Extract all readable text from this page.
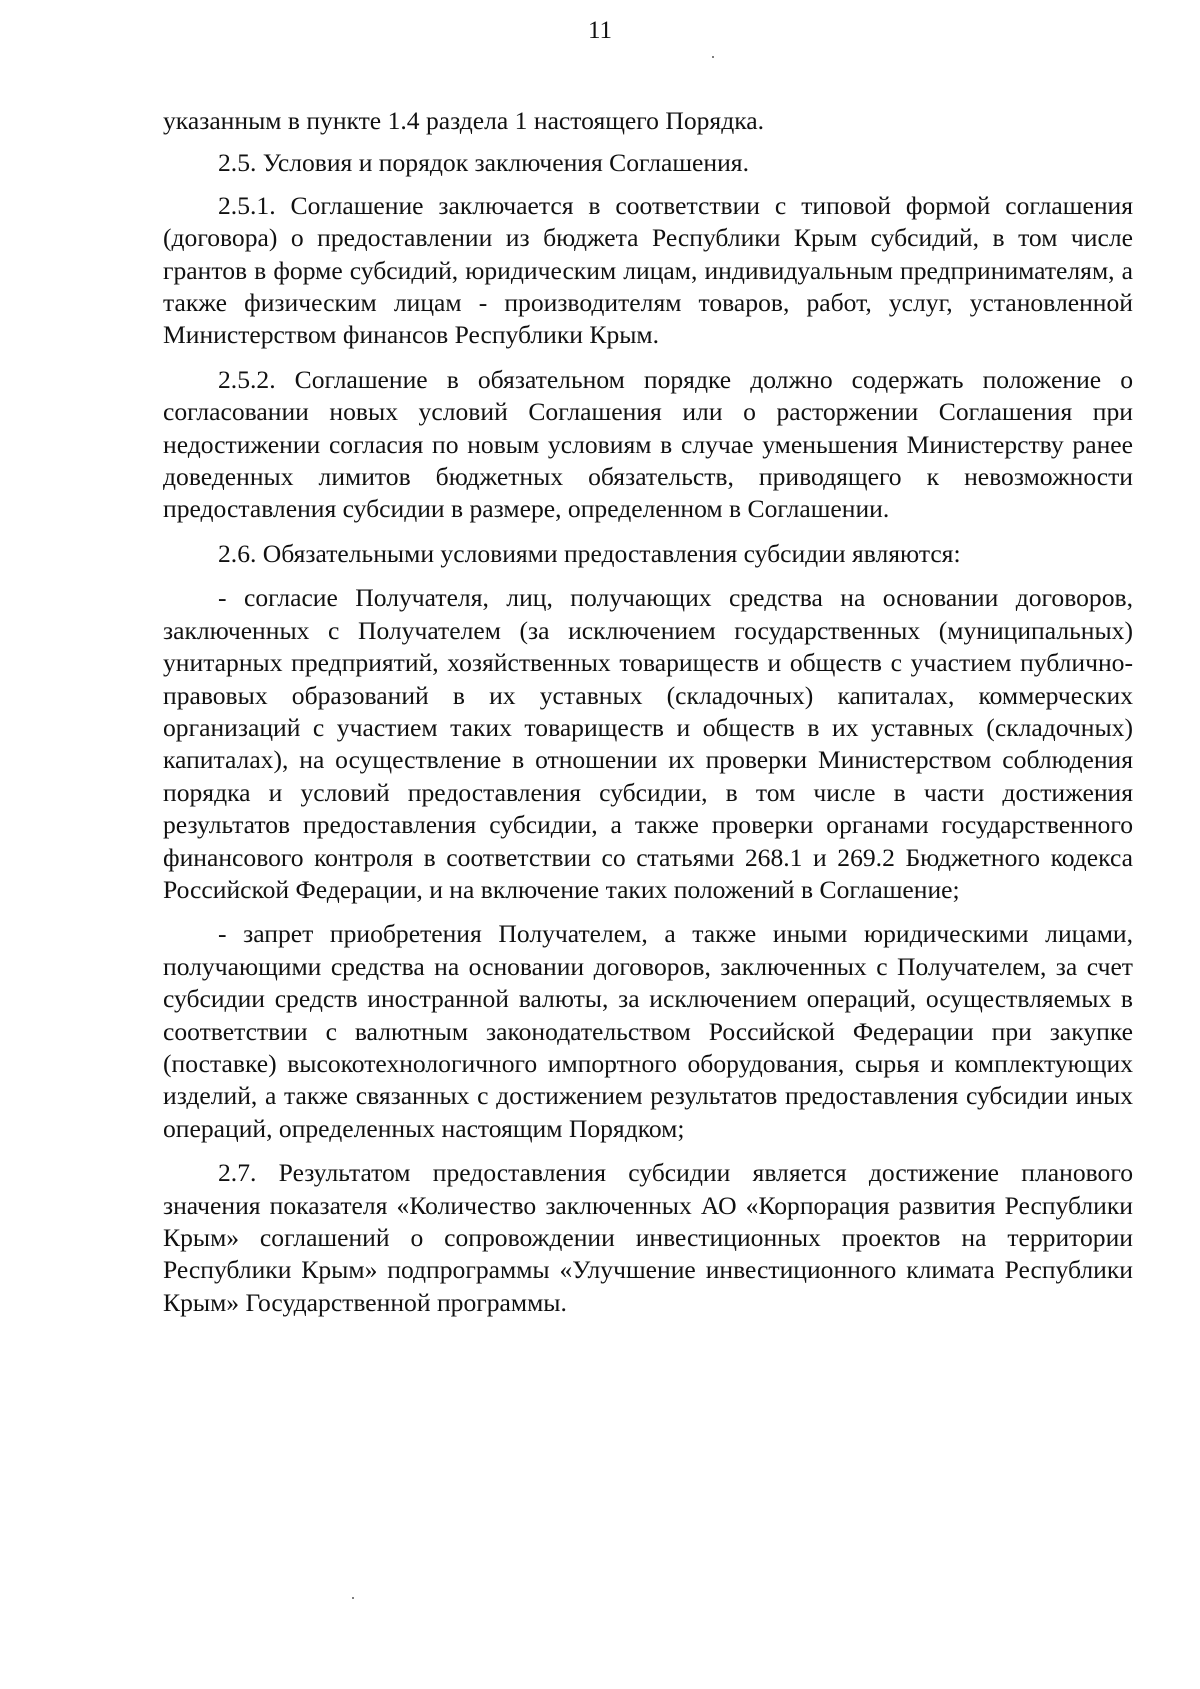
11

указанным в пункте 1.4 раздела 1 настоящего Порядка.

2.5. Условия и порядок заключения Соглашения.

2.5.1. Соглашение заключается в соответствии с типовой формой соглашения (договора) о предоставлении из бюджета Республики Крым субсидий, в том числе грантов в форме субсидий, юридическим лицам, индивидуальным предпринимателям, а также физическим лицам - производителям товаров, работ, услуг, установленной Министерством финансов Республики Крым.

2.5.2. Соглашение в обязательном порядке должно содержать положение о согласовании новых условий Соглашения или о расторжении Соглашения при недостижении согласия по новым условиям в случае уменьшения Министерству ранее доведенных лимитов бюджетных обязательств, приводящего к невозможности предоставления субсидии в размере, определенном в Соглашении.

2.6. Обязательными условиями предоставления субсидии являются:

- согласие Получателя, лиц, получающих средства на основании договоров, заключенных с Получателем (за исключением государственных (муниципальных) унитарных предприятий, хозяйственных товариществ и обществ с участием публично-правовых образований в их уставных (складочных) капиталах, коммерческих организаций с участием таких товариществ и обществ в их уставных (складочных) капиталах), на осуществление в отношении их проверки Министерством соблюдения порядка и условий предоставления субсидии, в том числе в части достижения результатов предоставления субсидии, а также проверки органами государственного финансового контроля в соответствии со статьями 268.1 и 269.2 Бюджетного кодекса Российской Федерации, и на включение таких положений в Соглашение;

- запрет приобретения Получателем, а также иными юридическими лицами, получающими средства на основании договоров, заключенных с Получателем, за счет субсидии средств иностранной валюты, за исключением операций, осуществляемых в соответствии с валютным законодательством Российской Федерации при закупке (поставке) высокотехнологичного импортного оборудования, сырья и комплектующих изделий, а также связанных с достижением результатов предоставления субсидии иных операций, определенных настоящим Порядком;

2.7. Результатом предоставления субсидии является достижение планового значения показателя «Количество заключенных АО «Корпорация развития Республики Крым» соглашений о сопровождении инвестиционных проектов на территории Республики Крым» подпрограммы «Улучшение инвестиционного климата Республики Крым» Государственной программы.
